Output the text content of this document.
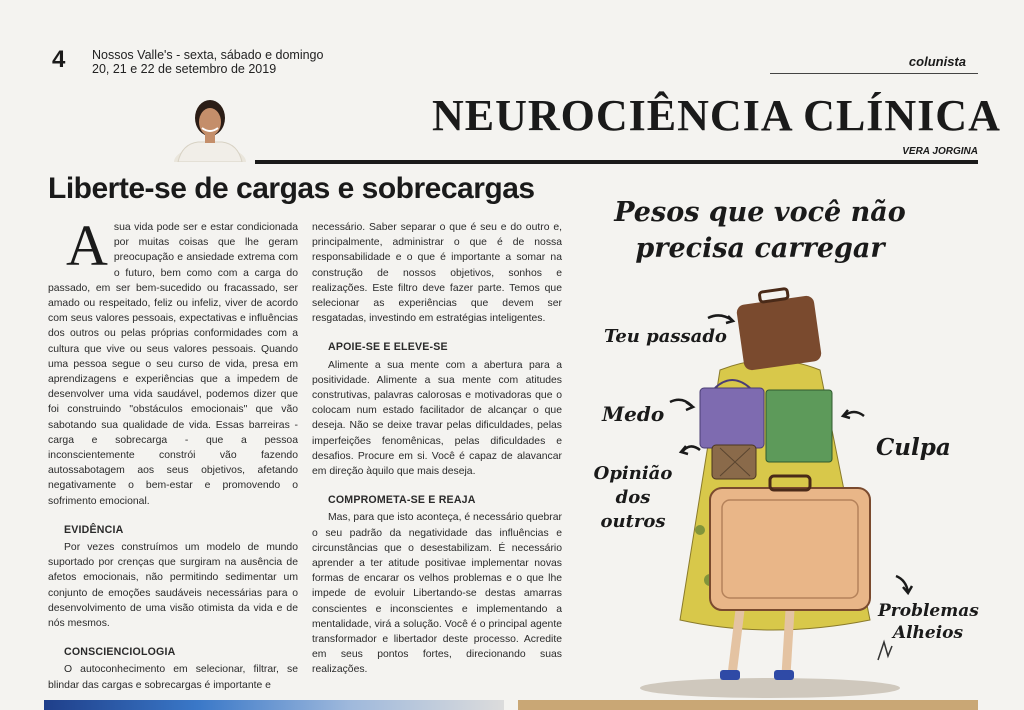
4 Nossos Valle's - sexta, sábado e domingo
20, 21 e 22 de setembro de 2019	colunista
NEUROCIÊNCIA CLÍNICA
VERA JORGINA
Liberte-se de cargas e sobrecargas

Asua vida pode ser e estar condicionada por muitas coisas que lhe geram preocupação e ansiedade extrema com o futuro, bem como com a carga do passado, em ser bem-sucedido ou fracassado, ser amado ou respeitado, feliz ou infeliz, viver de acordo com seus valores pessoais, expectativas e influências dos outros ou pelas próprias conformidades com a cultura que vive ou seus valores pessoais. Quando uma pessoa segue o seu curso de vida, presa em aprendizagens e experiências que a impedem de desenvolver uma vida saudável, podemos dizer que foi construindo "obstáculos emocionais" que vão sabotando sua qualidade de vida. Essas barreiras - carga e sobrecarga - que a pessoa inconscientemente constrói vão fazendo autossabotagem aos seus objetivos, afetando negativamente o bem-estar e promovendo o sofrimento emocional.

EVIDÊNCIA

Por vezes construímos um modelo de mundo suportado por crenças que surgiram na ausência de afetos emocionais, não permitindo sedimentar um conjunto de emoções saudáveis necessárias para o desenvolvimento de uma visão otimista da vida e de nós mesmos.

CONSCIENCIOLOGIA

O autoconhecimento em selecionar, filtrar, se blindar das cargas e sobrecargas é importante e

necessário. Saber separar o que é seu e do outro e, principalmente, administrar o que é de nossa responsabilidade e o que é importante a somar na construção de nossos objetivos, sonhos e realizações. Este filtro deve fazer parte. Temos que selecionar as experiências que devem ser resgatadas, investindo em estratégias inteligentes.

APOIE-SE E ELEVE-SE

Alimente a sua mente com a abertura para a positividade. Alimente a sua mente com atitudes construtivas, palavras calorosas e motivadoras que o colocam num estado facilitador de alcançar o que deseja. Não se deixe travar pelas dificuldades, pelas imperfeições fenomênicas, pelas dificuldades e desafios. Procure em si. Você é capaz de alavancar em direção àquilo que mais deseja.

COMPROMETA-SE E REAJA

Mas, para que isto aconteça, é necessário quebrar o seu padrão da negatividade das influências e circunstâncias que o desestabilizam. É necessário aprender a ter atitude positivae implementar novas formas de encarar os velhos problemas e o que lhe impede de evoluir Libertando-se destas amarras conscientes e inconscientes e implementando a mentalidade, virá a solução. Você é o principal agente transformador e libertador deste processo. Acredite em seus pontos fortes, direcionando suas realizações.

Pesos que você não
precisa carregar
Teu passado
Medo
Culpa
Opinião dos
outros
Problemas
Alheios
